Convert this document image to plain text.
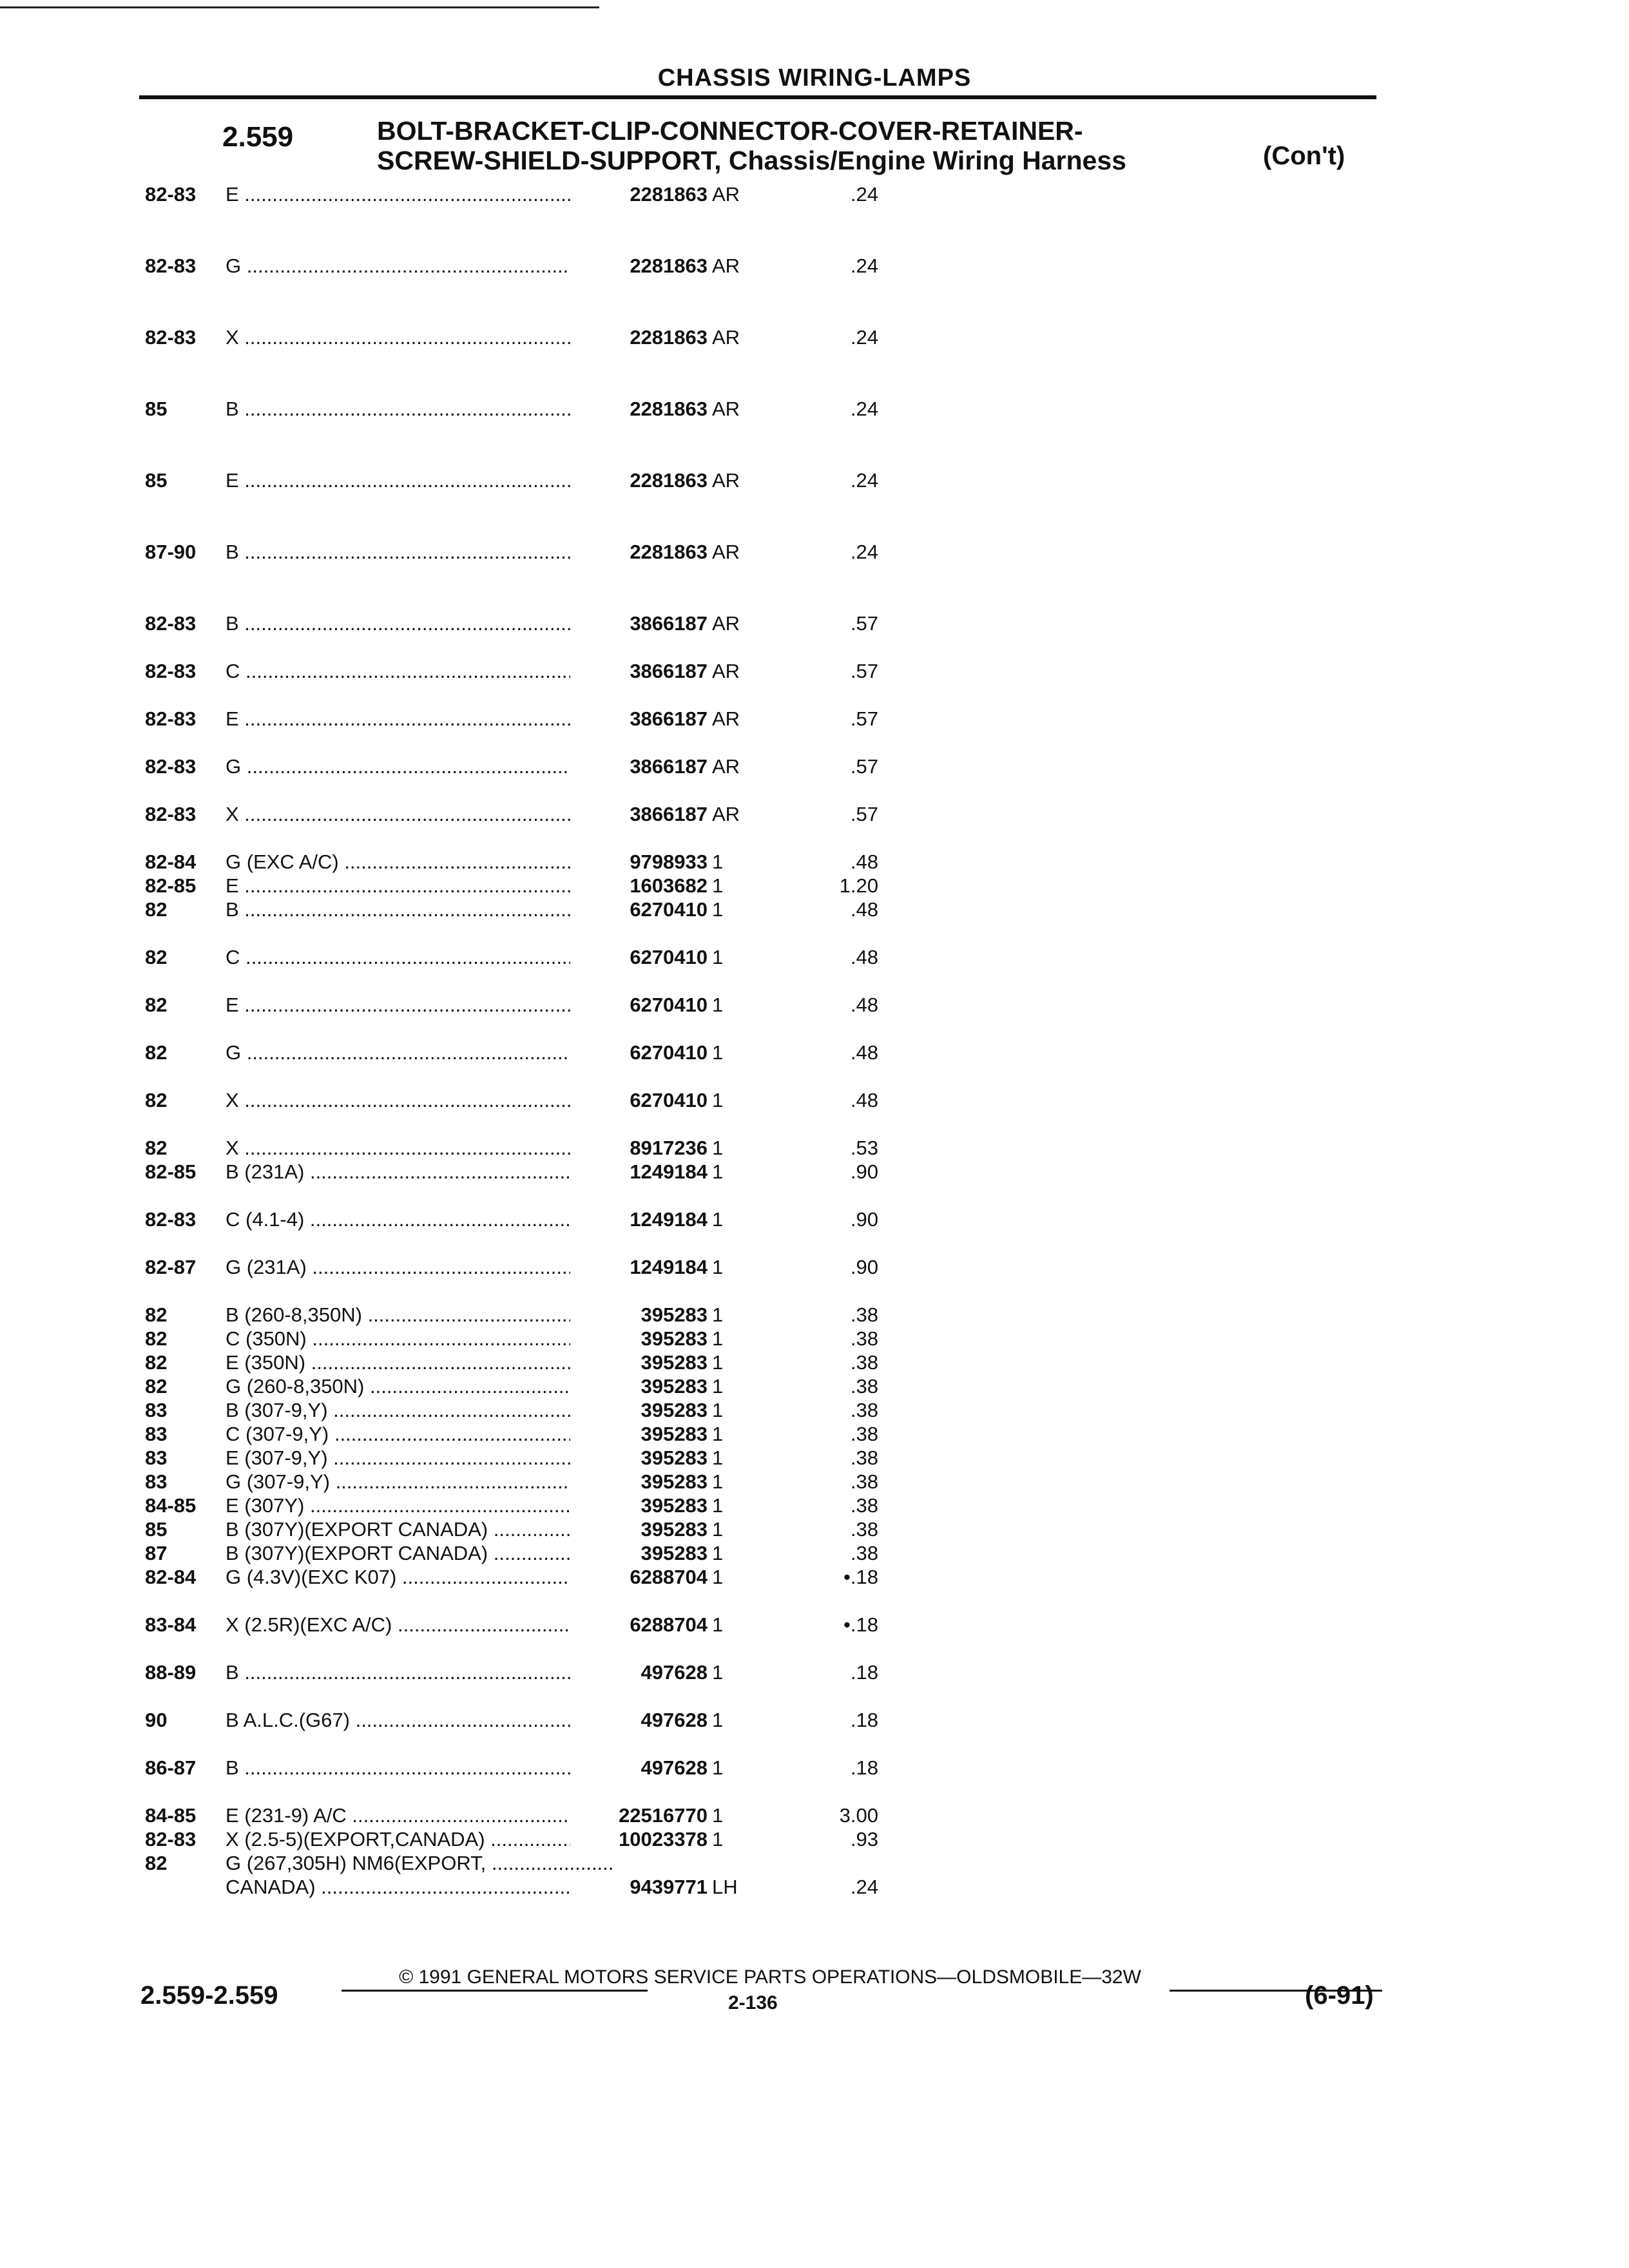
CHASSIS WIRING-LAMPS
2.559	BOLT-BRACKET-CLIP-CONNECTOR-COVER-RETAINER-
SCREW-SHIELD-SUPPORT, Chassis/Engine Wiring Harness	(Con't)
82-83 E .....	2281863 AR	.24
82-83 G .....	2281863 AR	.24
82-83 X .....	2281863 AR	.24
85	B .....	2281863 AR	.24
85	E .....	2281863 AR	.24
87-90 B .....	2281863 AR	.24
82-83 B .....	3866187 AR	.57
82-83 C .....	3866187 AR	.57
82-83 E .....	3866187 AR	.57
82-83 G .....	3866187 AR	.57
82-83 X .....	3866187 AR	.57
82-84 G (EXC A/C) .....	9798933 1	.48
82-85 E .....	1603682 1	1.20
82	B .....	6270410 1	.48
82	C .....	6270410 1	.48
82	E .....	6270410 1	.48
82	G .....	6270410 1	.48
82	X .....	6270410 1	.48
82	X .....	8917236 1	.53
82-85 B (231A) .....	1249184 1	.90
82-83 C (4.1-4) .....	1249184 1	.90
82-87 G (231A) .....	1249184 1	.90
82	B (260-8,350N) .....	395283 1	.38
82	C (350N) .....	395283 1	.38
82	E (350N) .....	395283 1	.38
82	G (260-8,350N) .....	395283 1	.38
83	B (307-9,Y) .....	395283 1	.38
83	C (307-9,Y) .....	395283 1	.38
83	E (307-9,Y) .....	395283 1	.38
83	G (307-9,Y) .....	395283 1	.38
84-85 E (307Y) .....	395283 1	.38
85	B (307Y)(EXPORT CANADA) .....	395283 1	.38
87	B (307Y)(EXPORT CANADA) .....	395283 1	.38
82-84 G (4.3V)(EXC K07) .....	6288704 1	•.18
83-84 X (2.5R)(EXC A/C) .....	6288704 1	•.18
88-89 B .....	497628 1	.18
90	B A.L.C.(G67) .....	497628 1	.18
86-87 B .....	497628 1	.18
84-85 E (231-9) A/C .....	22516770 1	3.00
82-83 X (2.5-5)(EXPORT,CANADA) .....	10023378 1	.93
82	G (267,305H) NM6(EXPORT, .....
CANADA) .....	9439771 LH	.24
© 1991 GENERAL MOTORS SERVICE PARTS OPERATIONS—OLDSMOBILE—32W
2.559-2.559	2-136	(6-91)
